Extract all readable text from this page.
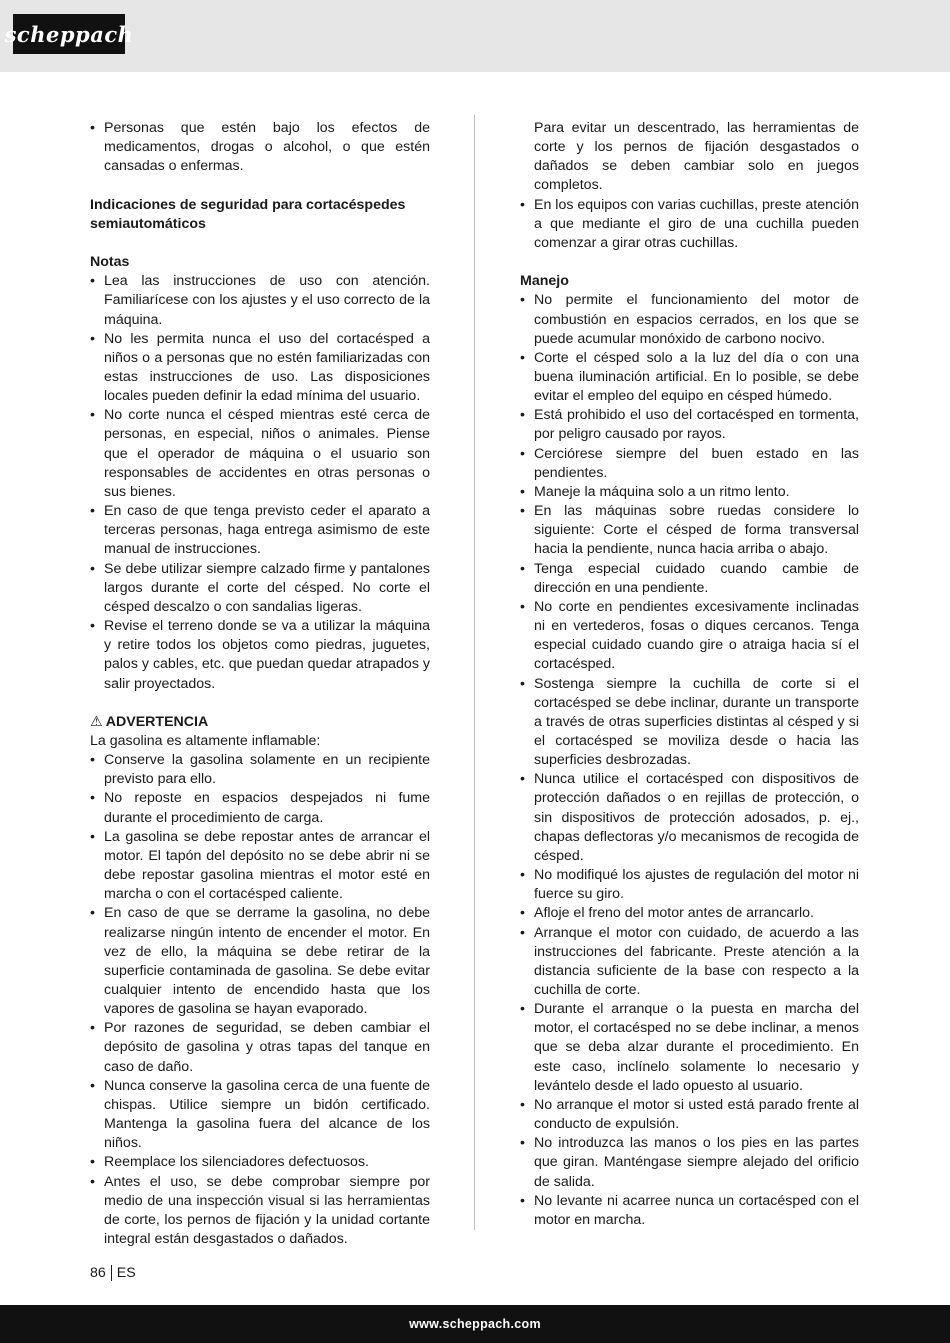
scheppach
• Personas que estén bajo los efectos de medicamentos, drogas o alcohol, o que estén cansadas o enfermas.
Indicaciones de seguridad para cortacéspedes semiautomáticos
Notas
• Lea las instrucciones de uso con atención. Familiarícese con los ajustes y el uso correcto de la máquina.
• No les permita nunca el uso del cortacésped a niños o a personas que no estén familiarizadas con estas instrucciones de uso. Las disposiciones locales pueden definir la edad mínima del usuario.
• No corte nunca el césped mientras esté cerca de personas, en especial, niños o animales. Piense que el operador de máquina o el usuario son responsables de accidentes en otras personas o sus bienes.
• En caso de que tenga previsto ceder el aparato a terceras personas, haga entrega asimismo de este manual de instrucciones.
• Se debe utilizar siempre calzado firme y pantalones largos durante el corte del césped. No corte el césped descalzo o con sandalias ligeras.
• Revise el terreno donde se va a utilizar la máquina y retire todos los objetos como piedras, juguetes, palos y cables, etc. que puedan quedar atrapados y salir proyectados.
⚠ ADVERTENCIA

La gasolina es altamente inflamable:

• Conserve la gasolina solamente en un recipiente previsto para ello.
• No reposte en espacios despejados ni fume durante el procedimiento de carga.
• La gasolina se debe repostar antes de arrancar el motor. El tapón del depósito no se debe abrir ni se debe repostar gasolina mientras el motor esté en marcha o con el cortacésped caliente.
• En caso de que se derrame la gasolina, no debe realizarse ningún intento de encender el motor. En vez de ello, la máquina se debe retirar de la superficie contaminada de gasolina. Se debe evitar cualquier intento de encendido hasta que los vapores de gasolina se hayan evaporado.
• Por razones de seguridad, se deben cambiar el depósito de gasolina y otras tapas del tanque en caso de daño.
• Nunca conserve la gasolina cerca de una fuente de chispas. Utilice siempre un bidón certificado. Mantenga la gasolina fuera del alcance de los niños.
• Reemplace los silenciadores defectuosos.
• Antes el uso, se debe comprobar siempre por medio de una inspección visual si las herramientas de corte, los pernos de fijación y la unidad cortante integral están desgastados o dañados.

Para evitar un descentrado, las herramientas de corte y los pernos de fijación desgastados o dañados se deben cambiar solo en juegos completos.

• En los equipos con varias cuchillas, preste atención a que mediante el giro de una cuchilla pueden comenzar a girar otras cuchillas.
Manejo
• No permite el funcionamiento del motor de combustión en espacios cerrados, en los que se puede acumular monóxido de carbono nocivo.
• Corte el césped solo a la luz del día o con una buena iluminación artificial. En lo posible, se debe evitar el empleo del equipo en césped húmedo.
• Está prohibido el uso del cortacésped en tormenta, por peligro causado por rayos.
• Cerciórese siempre del buen estado en las pendientes.
• Maneje la máquina solo a un ritmo lento.
• En las máquinas sobre ruedas considere lo siguiente: Corte el césped de forma transversal hacia la pendiente, nunca hacia arriba o abajo.
• Tenga especial cuidado cuando cambie de dirección en una pendiente.
• No corte en pendientes excesivamente inclinadas ni en vertederos, fosas o diques cercanos. Tenga especial cuidado cuando gire o atraiga hacia sí el cortacésped.
• Sostenga siempre la cuchilla de corte si el cortacésped se debe inclinar, durante un transporte a través de otras superficies distintas al césped y si el cortacésped se moviliza desde o hacia las superficies desbrozadas.
• Nunca utilice el cortacésped con dispositivos de protección dañados o en rejillas de protección, o sin dispositivos de protección adosados, p. ej., chapas deflectoras y/o mecanismos de recogida de césped.
• No modifiqué los ajustes de regulación del motor ni fuerce su giro.
• Afloje el freno del motor antes de arrancarlo.
• Arranque el motor con cuidado, de acuerdo a las instrucciones del fabricante. Preste atención a la distancia suficiente de la base con respecto a la cuchilla de corte.
• Durante el arranque o la puesta en marcha del motor, el cortacésped no se debe inclinar, a menos que se deba alzar durante el procedimiento. En este caso, inclínelo solamente lo necesario y levántelo desde el lado opuesto al usuario.
• No arranque el motor si usted está parado frente al conducto de expulsión.
• No introduzca las manos o los pies en las partes que giran. Manténgase siempre alejado del orificio de salida.
• No levante ni acarree nunca un cortacésped con el motor en marcha.
86 ES
www.scheppach.com
